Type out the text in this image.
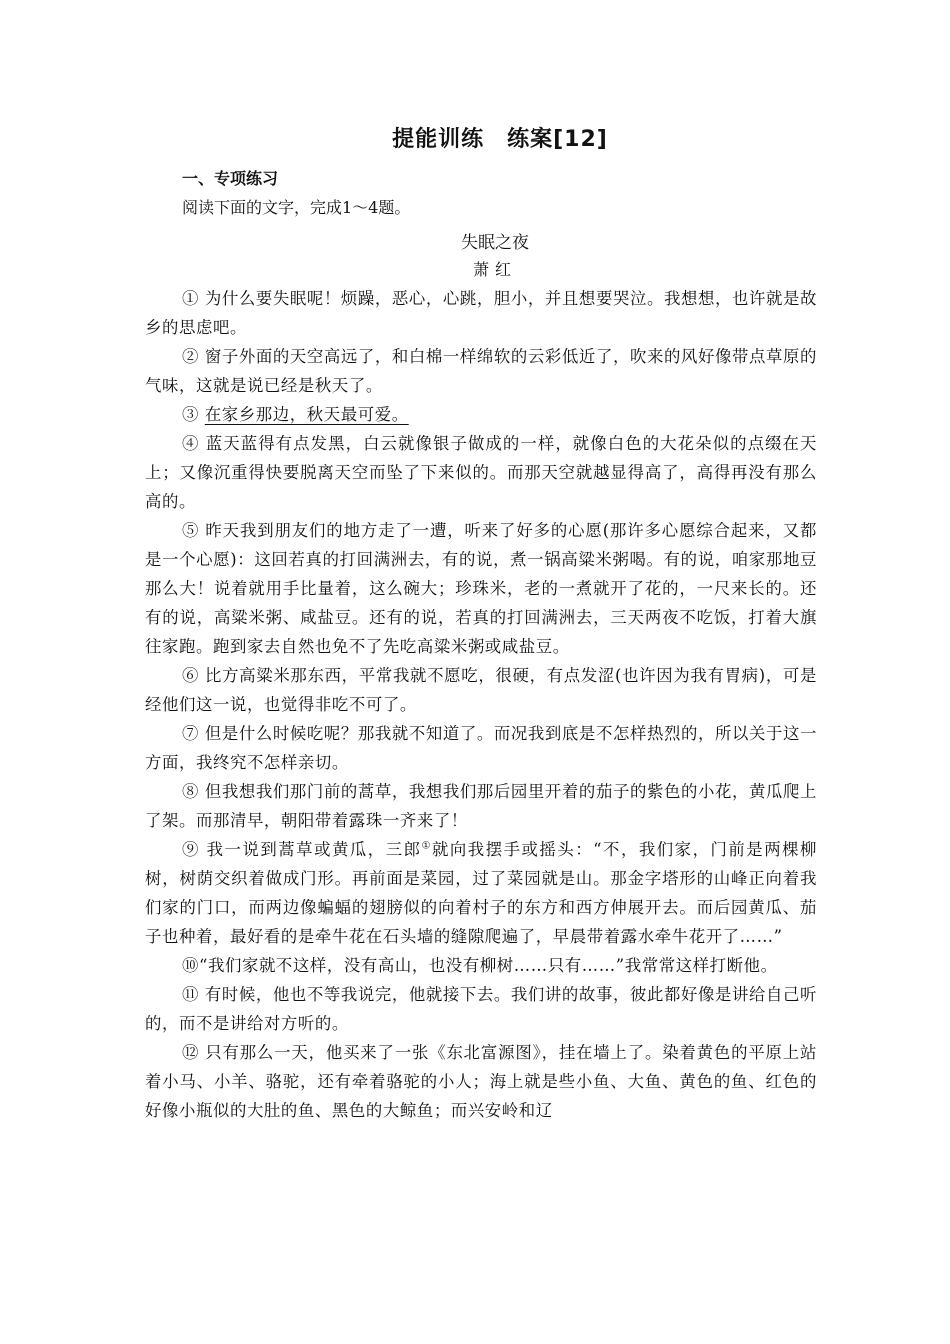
提能训练　练案[12]
一、专项练习
阅读下面的文字，完成1～4题。
失眠之夜
萧红

① 为什么要失眠呢！烦躁，恶心，心跳，胆小，并且想要哭泣。我想想，也许就是故乡的思虑吧。

② 窗子外面的天空高远了，和白棉一样绵软的云彩低近了，吹来的风好像带点草原的气味，这就是说已经是秋天了。

③ 在家乡那边，秋天最可爱。

④ 蓝天蓝得有点发黑，白云就像银子做成的一样，就像白色的大花朵似的点缀在天上；又像沉重得快要脱离天空而坠了下来似的。而那天空就越显得高了，高得再没有那么高的。

⑤ 昨天我到朋友们的地方走了一遭，听来了好多的心愿(那许多心愿综合起来，又都是一个心愿)：这回若真的打回满洲去，有的说，煮一锅高粱米粥喝。有的说，咱家那地豆那么大！说着就用手比量着，这么碗大；珍珠米，老的一煮就开了花的，一尺来长的。还有的说，高粱米粥、咸盐豆。还有的说，若真的打回满洲去，三天两夜不吃饭，打着大旗往家跑。跑到家去自然也免不了先吃高粱米粥或咸盐豆。

⑥ 比方高粱米那东西，平常我就不愿吃，很硬，有点发涩(也许因为我有胃病)，可是经他们这一说，也觉得非吃不可了。

⑦ 但是什么时候吃呢？那我就不知道了。而况我到底是不怎样热烈的，所以关于这一方面，我终究不怎样亲切。

⑧ 但我想我们那门前的蒿草，我想我们那后园里开着的茄子的紫色的小花，黄瓜爬上了架。而那清早，朝阳带着露珠一齐来了！

⑨ 我一说到蒿草或黄瓜，三郎①就向我摆手或摇头：“不，我们家，门前是两棵柳树，树荫交织着做成门形。再前面是菜园，过了菜园就是山。那金字塔形的山峰正向着我们家的门口，而两边像蝙蝠的翅膀似的向着村子的东方和西方伸展开去。而后园黄瓜、茄子也种着，最好看的是牵牛花在石头墙的缝隙爬遍了，早晨带着露水牵牛花开了……”

⑩“我们家就不这样，没有高山，也没有柳树……只有……”我常常这样打断他。

⑪ 有时候，他也不等我说完，他就接下去。我们讲的故事，彼此都好像是讲给自己听的，而不是讲给对方听的。

⑫ 只有那么一天，他买来了一张《东北富源图》，挂在墙上了。染着黄色的平原上站着小马、小羊、骆驼，还有牵着骆驼的小人；海上就是些小鱼、大鱼、黄色的鱼、红色的好像小瓶似的大肚的鱼、黑色的大鲸鱼；而兴安岭和辽
